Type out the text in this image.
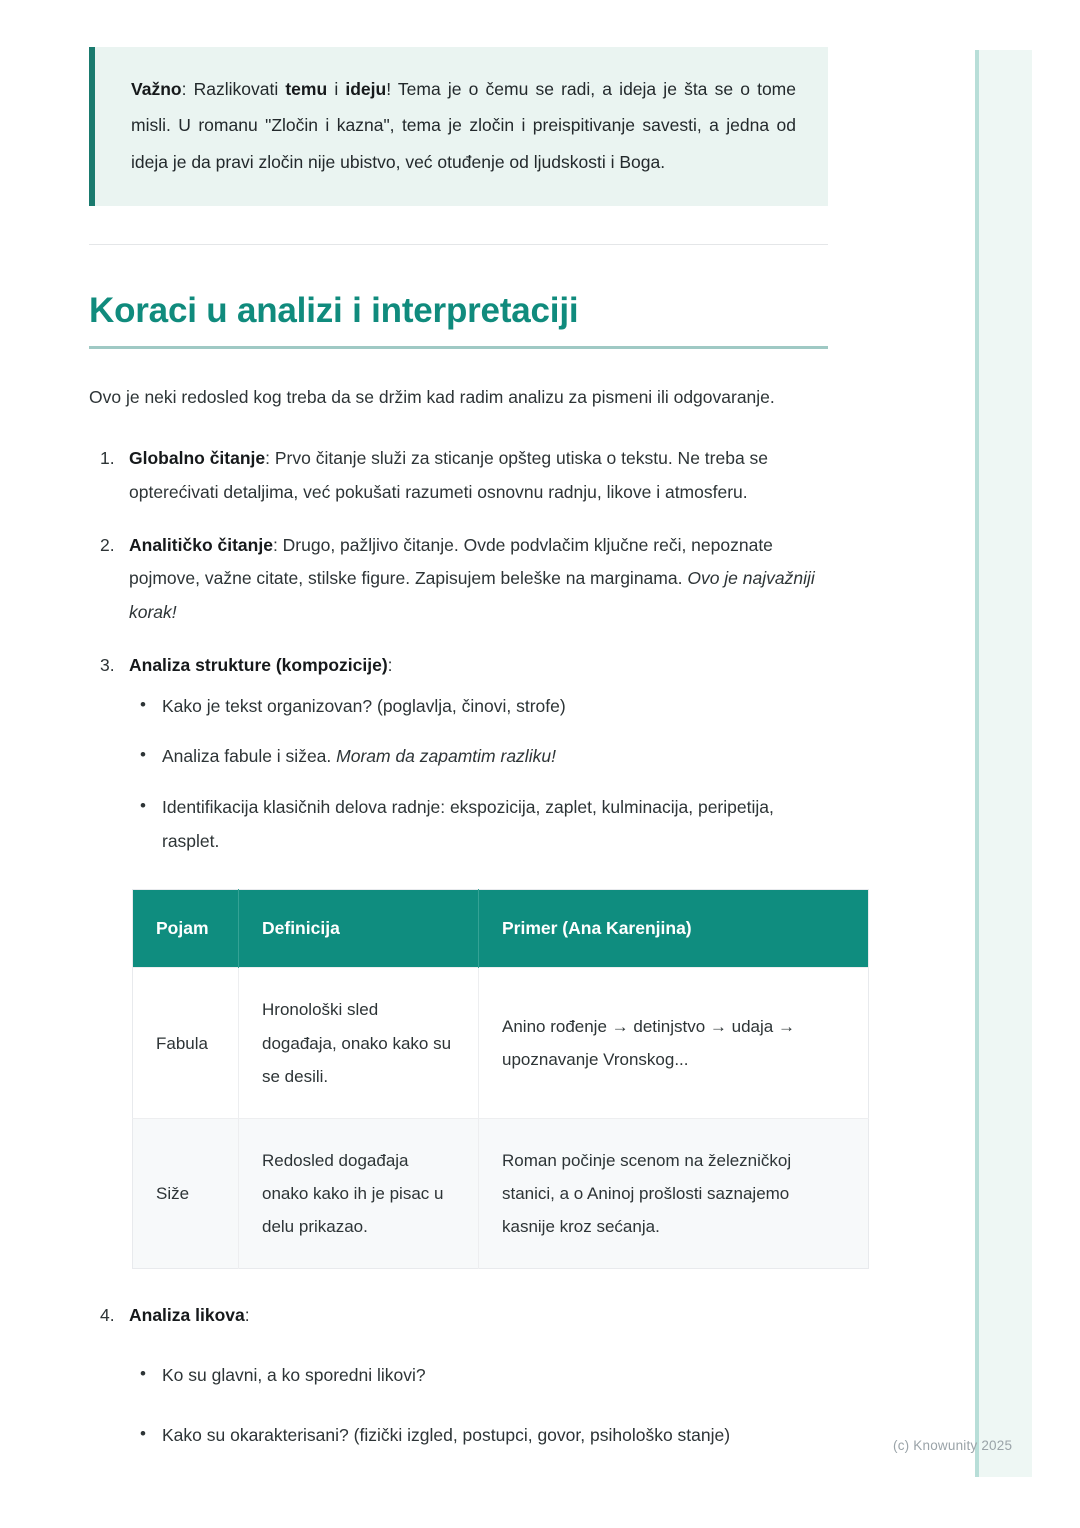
Važno: Razlikovati temu i ideju! Tema je o čemu se radi, a ideja je šta se o tome misli. U romanu "Zločin i kazna", tema je zločin i preispitivanje savesti, a jedna od ideja je da pravi zločin nije ubistvo, već otuđenje od ljudskosti i Boga.

Koraci u analizi i interpretaciji

Ovo je neki redosled kog treba da se držim kad radim analizu za pismeni ili odgovaranje.

Globalno čitanje: Prvo čitanje služi za sticanje opšteg utiska o tekstu. Ne treba se opterećivati detaljima, već pokušati razumeti osnovnu radnju, likove i atmosferu.
Analitičko čitanje: Drugo, pažljivo čitanje. Ovde podvlačim ključne reči, nepoznate pojmove, važne citate, stilske figure. Zapisujem beleške na marginama. Ovo je najvažniji korak!
Analiza strukture (kompozicije):
• Kako je tekst organizovan? (poglavlja, činovi, strofe)
• Analiza fabule i sižea. Moram da zapamtim razliku!
• Identifikacija klasičnih delova radnje: ekspozicija, zaplet, kulminacija, peripetija, rasplet.
Pojam	Definicija	Primer (Ana Karenjina)
Fabula	Hronološki sled događaja, onako kako su se desili.	Anino rođenje → detinjstvo → udaja → upoznavanje Vronskog...
Siže	Redosled događaja onako kako ih je pisac u delu prikazao.	Roman počinje scenom na železničkoj stanici, a o Aninoj prošlosti saznajemo kasnije kroz sećanja.
Analiza likova:
• Ko su glavni, a ko sporedni likovi?
• Kako su okarakterisani? (fizički izgled, postupci, govor, psihološko stanje)
(c) Knowunity 2025
